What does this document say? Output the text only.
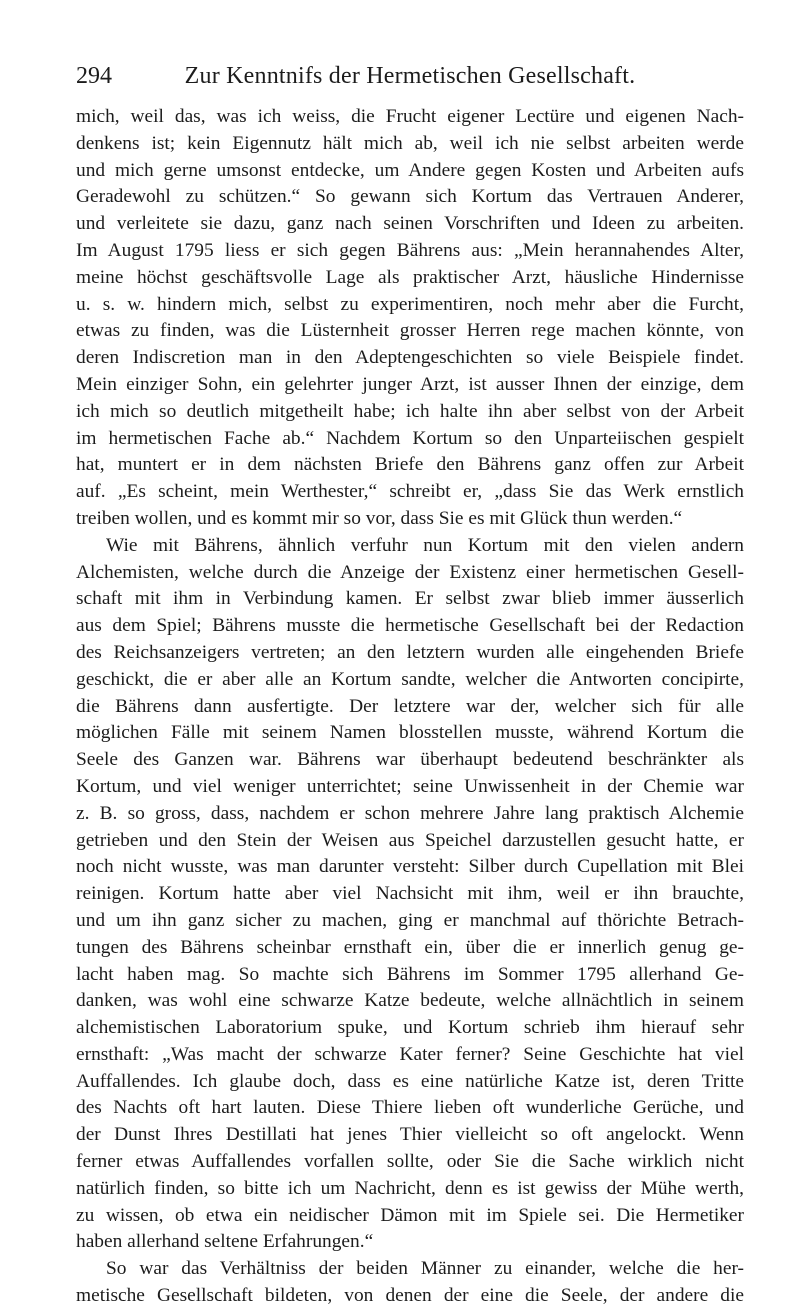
294	Zur Kenntnifs der Hermetischen Gesellschaft.
mich, weil das, was ich weiss, die Frucht eigener Lectüre und eigenen Nach-
denkens ist; kein Eigennutz hält mich ab, weil ich nie selbst arbeiten werde
und mich gerne umsonst entdecke, um Andere gegen Kosten und Arbeiten aufs
Geradewohl zu schützen.“ So gewann sich Kortum das Vertrauen Anderer,
und verleitete sie dazu, ganz nach seinen Vorschriften und Ideen zu arbeiten.
Im August 1795 liess er sich gegen Bährens aus: „Mein herannahendes Alter,
meine höchst geschäftsvolle Lage als praktischer Arzt, häusliche Hindernisse
u. s. w. hindern mich, selbst zu experimentiren, noch mehr aber die Furcht,
etwas zu finden, was die Lüsternheit grosser Herren rege machen könnte, von
deren Indiscretion man in den Adeptengeschichten so viele Beispiele findet.
Mein einziger Sohn, ein gelehrter junger Arzt, ist ausser Ihnen der einzige, dem
ich mich so deutlich mitgetheilt habe; ich halte ihn aber selbst von der Arbeit
im hermetischen Fache ab.“ Nachdem Kortum so den Unparteiischen gespielt
hat, muntert er in dem nächsten Briefe den Bährens ganz offen zur Arbeit
auf. „Es scheint, mein Werthester,“ schreibt er, „dass Sie das Werk ernstlich
treiben wollen, und es kommt mir so vor, dass Sie es mit Glück thun werden.“
Wie mit Bährens, ähnlich verfuhr nun Kortum mit den vielen andern
Alchemisten, welche durch die Anzeige der Existenz einer hermetischen Gesell-
schaft mit ihm in Verbindung kamen. Er selbst zwar blieb immer äusserlich
aus dem Spiel; Bährens musste die hermetische Gesellschaft bei der Redaction
des Reichsanzeigers vertreten; an den letztern wurden alle eingehenden Briefe
geschickt, die er aber alle an Kortum sandte, welcher die Antworten concipirte,
die Bährens dann ausfertigte. Der letztere war der, welcher sich für alle
möglichen Fälle mit seinem Namen blosstellen musste, während Kortum die
Seele des Ganzen war. Bährens war überhaupt bedeutend beschränkter als
Kortum, und viel weniger unterrichtet; seine Unwissenheit in der Chemie war
z. B. so gross, dass, nachdem er schon mehrere Jahre lang praktisch Alchemie
getrieben und den Stein der Weisen aus Speichel darzustellen gesucht hatte, er
noch nicht wusste, was man darunter versteht: Silber durch Cupellation mit Blei
reinigen. Kortum hatte aber viel Nachsicht mit ihm, weil er ihn brauchte,
und um ihn ganz sicher zu machen, ging er manchmal auf thörichte Betrach-
tungen des Bährens scheinbar ernsthaft ein, über die er innerlich genug ge-
lacht haben mag. So machte sich Bährens im Sommer 1795 allerhand Ge-
danken, was wohl eine schwarze Katze bedeute, welche allnächtlich in seinem
alchemistischen Laboratorium spuke, und Kortum schrieb ihm hierauf sehr
ernsthaft: „Was macht der schwarze Kater ferner? Seine Geschichte hat viel
Auffallendes. Ich glaube doch, dass es eine natürliche Katze ist, deren Tritte
des Nachts oft hart lauten. Diese Thiere lieben oft wunderliche Gerüche, und
der Dunst Ihres Destillati hat jenes Thier vielleicht so oft angelockt. Wenn
ferner etwas Auffallendes vorfallen sollte, oder Sie die Sache wirklich nicht
natürlich finden, so bitte ich um Nachricht, denn es ist gewiss der Mühe werth,
zu wissen, ob etwa ein neidischer Dämon mit im Spiele sei. Die Hermetiker
haben allerhand seltene Erfahrungen.“
So war das Verhältniss der beiden Männer zu einander, welche die her-
metische Gesellschaft bildeten, von denen der eine die Seele, der andere die
